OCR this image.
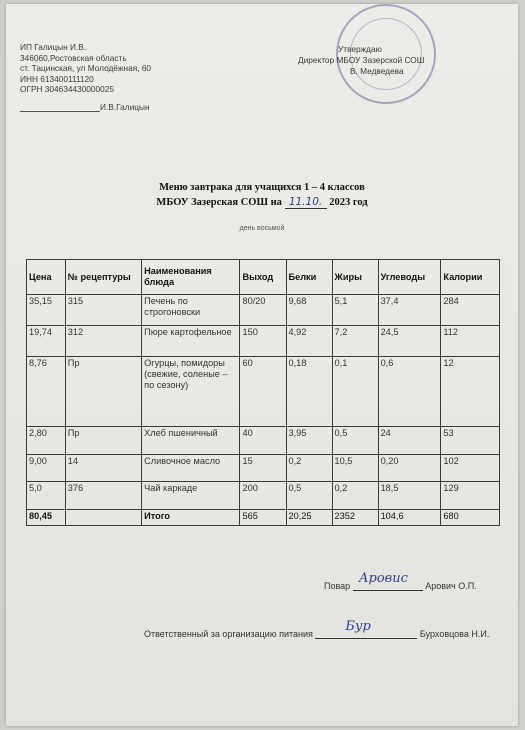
ИП Галицын И.В.
346060,Ростовская область
ст. Тацинская, ул Молодёжная, 60
ИНН 613400111120
ОГРН 304634430000025
И.В.Галицын
Утверждаю
Директор МБОУ Зазерской СОШ
В. Медведева
Меню завтрака для учащихся 1 – 4 классов
МБОУ Зазерская СОШ на 11.10. 2023 год
день восьмой
Цена	№ рецептуры	Наименования блюда	Выход	Белки	Жиры	Углеводы	Калории
35,15	315	Печень по строгоновски	80/20	9,68	5,1	37,4	284
19,74	312	Пюре картофельное	150	4,92	7,2	24,5	112
8,76	Пр	Огурцы, помидоры (свежие, соленые – по сезону)	60	0,18	0,1	0,6	12
2,80	Пр	Хлеб пшеничный	40	3,95	0,5	24	53
9,00	14	Сливочное масло	15	0,2	10,5	0,20	102
5,0	376	Чай каркаде	200	0,5	0,2	18,5	129
80,45		Итого	565	20,25	2352	104,6	680
Повар Аровис Арович О.П.
Ответственный за организацию питания	Бур	Бурховцова Н.И.
